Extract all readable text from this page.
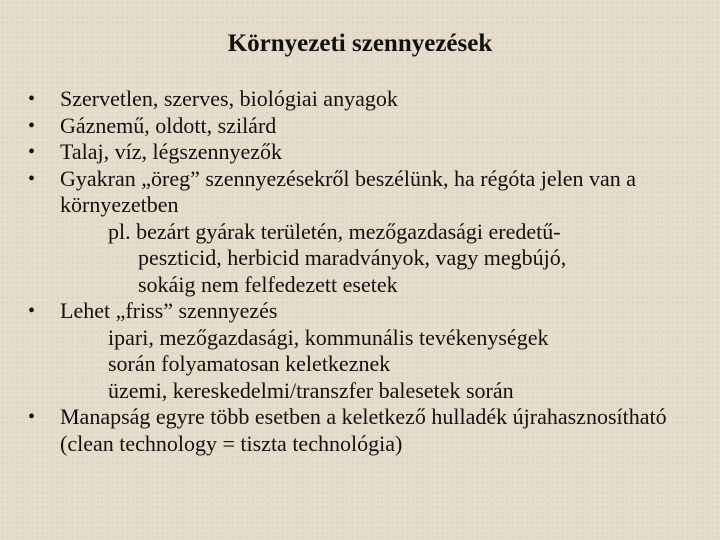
Környezeti szennyezések
• Szervetlen, szerves, biológiai anyagok
• Gáznemű, oldott, szilárd
• Talaj, víz, légszennyezők
• Gyakran „öreg” szennyezésekről beszélünk, ha régóta jelen van a környezetben
pl. bezárt gyárak területén, mezőgazdasági eredetű-
peszticid, herbicid maradványok, vagy megbújó,
sokáig nem felfedezett esetek
• Lehet „friss” szennyezés
ipari, mezőgazdasági, kommunális tevékenységek
során folyamatosan keletkeznek
üzemi, kereskedelmi/transzfer balesetek során
• Manapság egyre több esetben a keletkező hulladék újrahasznosítható (clean technology = tiszta technológia)
